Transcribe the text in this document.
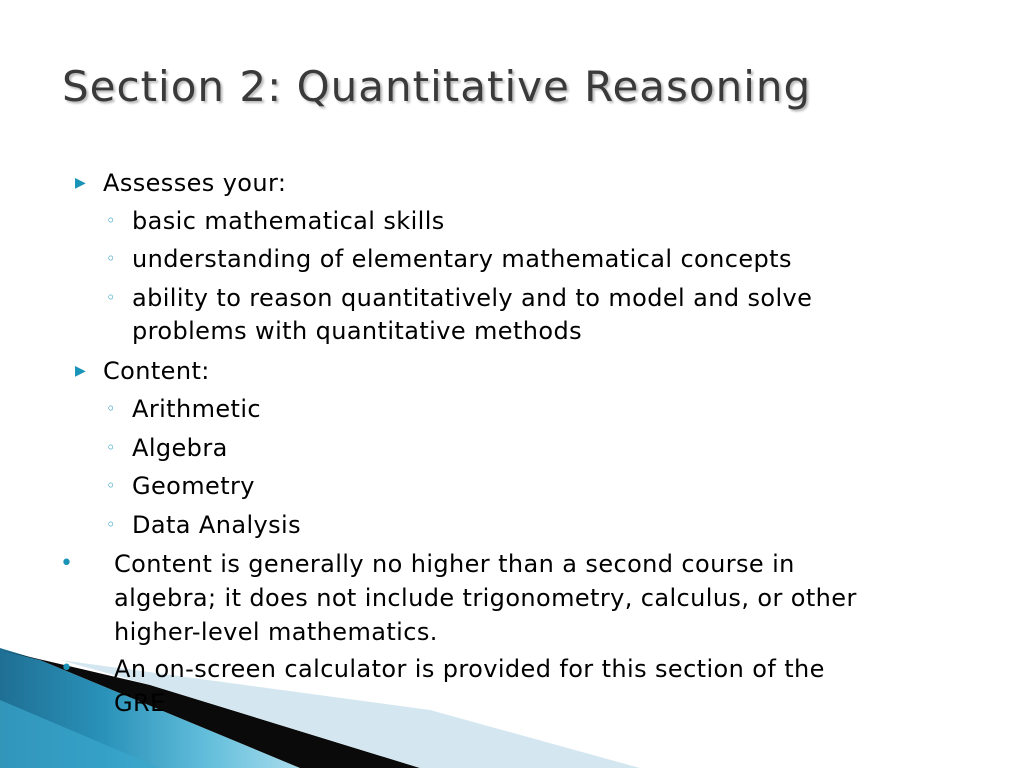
Section 2: Quantitative Reasoning
▶ Assesses your:
◦ basic mathematical skills
◦ understanding of elementary mathematical concepts
◦ ability to reason quantitatively and to model and solve
problems with quantitative methods
▶ Content:
◦ Arithmetic
◦ Algebra
◦ Geometry
◦ Data Analysis
• Content is generally no higher than a second course in
algebra; it does not include trigonometry, calculus, or other
higher-level mathematics.
• An on-screen calculator is provided for this section of the
GRE
